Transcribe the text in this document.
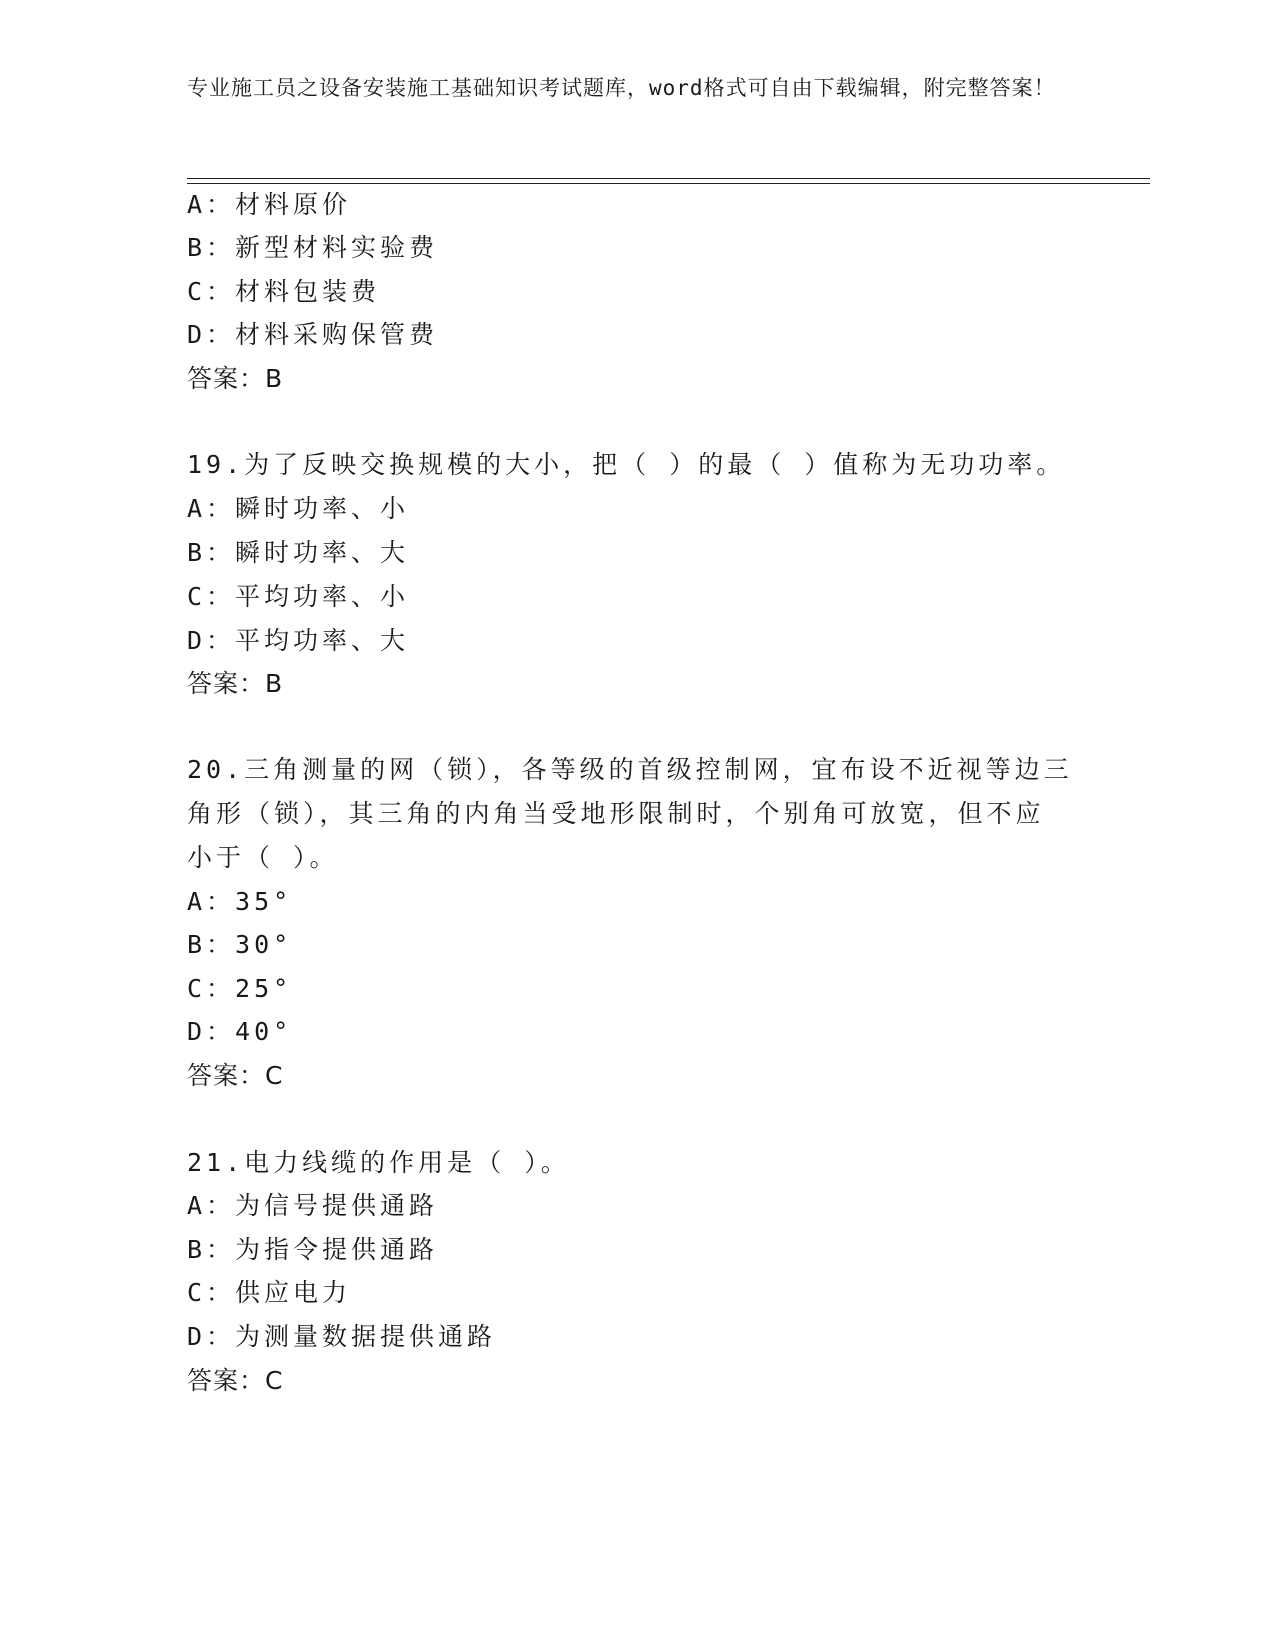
专业施工员之设备安装施工基础知识考试题库，word格式可自由下载编辑，附完整答案！
A：材料原价
B：新型材料实验费
C：材料包装费
D：材料采购保管费
答案：B
19.为了反映交换规模的大小，把（ ）的最（ ）值称为无功功率。
A：瞬时功率、小
B：瞬时功率、大
C：平均功率、小
D：平均功率、大
答案：B
20.三角测量的网（锁），各等级的首级控制网，宜布设不近视等边三
角形（锁），其三角的内角当受地形限制时，个别角可放宽，但不应
小于（ ）。
A：35°
B：30°
C：25°
D：40°
答案：C
21.电力线缆的作用是（ ）。
A：为信号提供通路
B：为指令提供通路
C：供应电力
D：为测量数据提供通路
答案：C
